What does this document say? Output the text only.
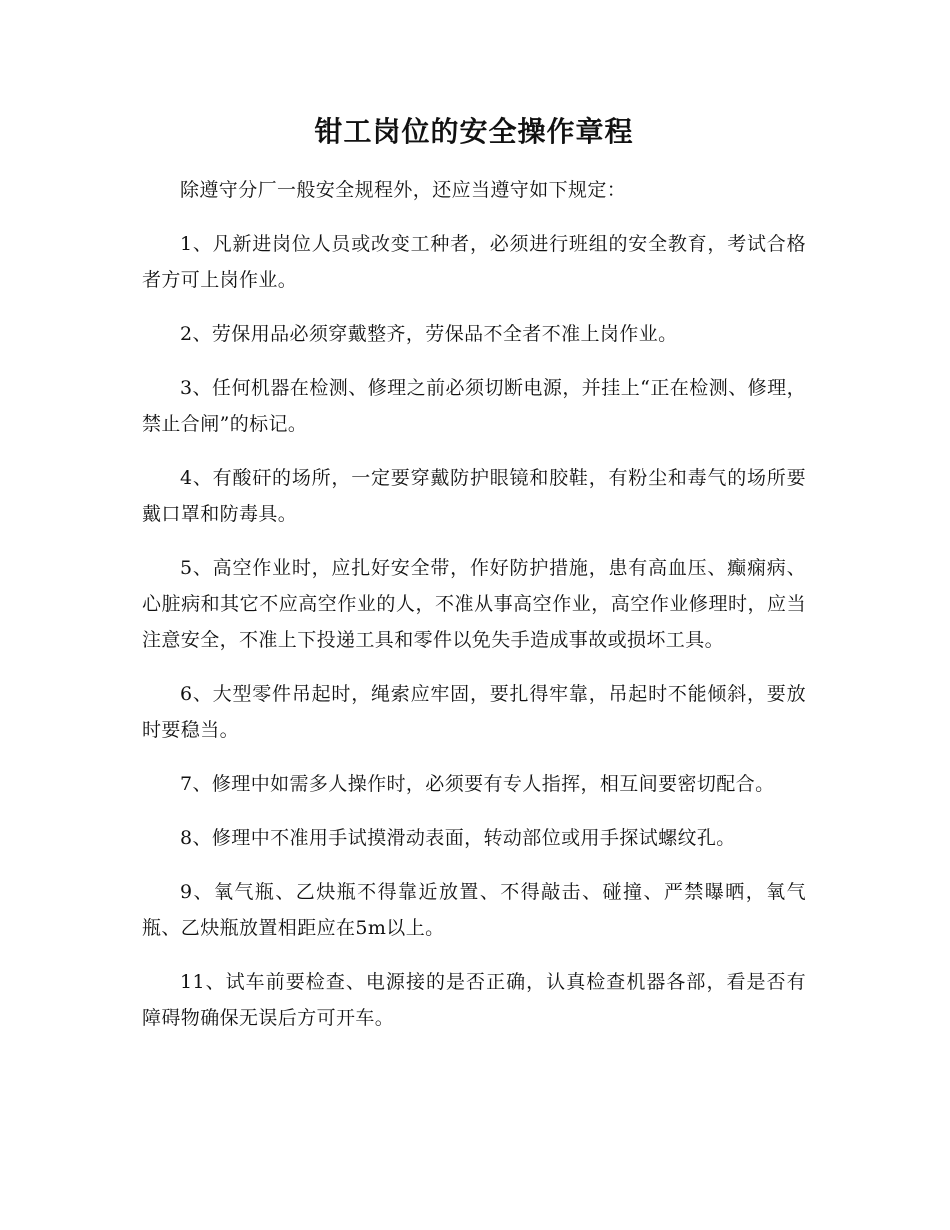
钳工岗位的安全操作章程

除遵守分厂一般安全规程外，还应当遵守如下规定：

1、凡新进岗位人员或改变工种者，必须进行班组的安全教育，考试合格者方可上岗作业。

2、劳保用品必须穿戴整齐，劳保品不全者不准上岗作业。

3、任何机器在检测、修理之前必须切断电源，并挂上“正在检测、修理，禁止合闸”的标记。

4、有酸矸的场所，一定要穿戴防护眼镜和胶鞋，有粉尘和毒气的场所要戴口罩和防毒具。

5、高空作业时，应扎好安全带，作好防护措施，患有高血压、癫痫病、心脏病和其它不应高空作业的人，不准从事高空作业，高空作业修理时，应当注意安全，不准上下投递工具和零件以免失手造成事故或损坏工具。

6、大型零件吊起时，绳索应牢固，要扎得牢靠，吊起时不能倾斜，要放时要稳当。

7、修理中如需多人操作时，必须要有专人指挥，相互间要密切配合。

8、修理中不准用手试摸滑动表面，转动部位或用手探试螺纹孔。

9、氧气瓶、乙炔瓶不得靠近放置、不得敲击、碰撞、严禁曝晒，氧气瓶、乙炔瓶放置相距应在5m以上。

11、试车前要检查、电源接的是否正确，认真检查机器各部，看是否有障碍物确保无误后方可开车。
